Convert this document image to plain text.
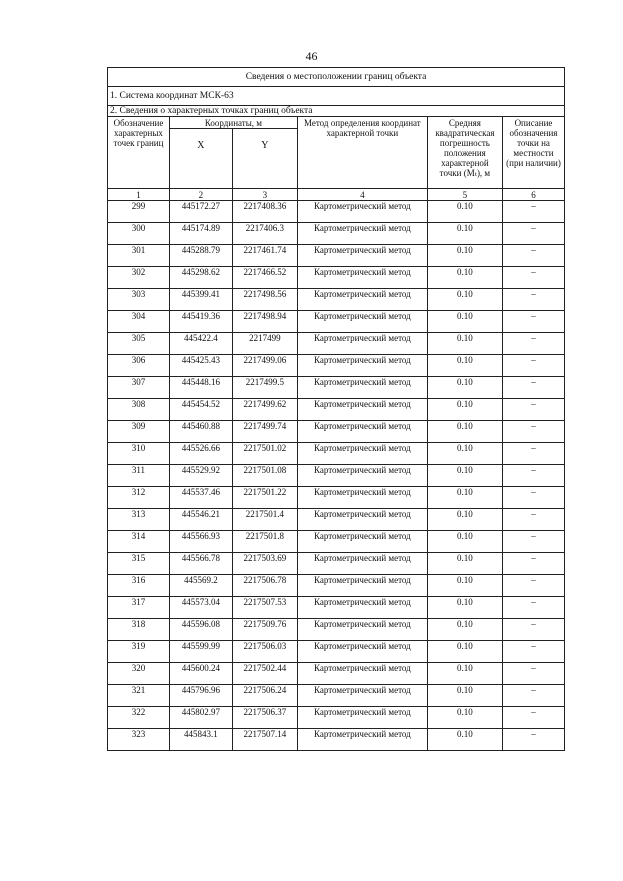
46
Сведения о местоположении границ объекта					
1. Система координат МСК-63					
2. Сведения о характерных точках границ объекта					
Обозначение характерных точек границ	Координаты, м		Метод определения координат характерной точки	Средняя квадратическая погрешность положения характерной точки (Mₜ), м	Описание обозначения точки на местности (при наличии)
	X	Y			
1	2	3	4	5	6
299	445172.27	2217408.36	Картометрический метод	0.10	–
300	445174.89	2217406.3	Картометрический метод	0.10	–
301	445288.79	2217461.74	Картометрический метод	0.10	–
302	445298.62	2217466.52	Картометрический метод	0.10	–
303	445399.41	2217498.56	Картометрический метод	0.10	–
304	445419.36	2217498.94	Картометрический метод	0.10	–
305	445422.4	2217499	Картометрический метод	0.10	–
306	445425.43	2217499.06	Картометрический метод	0.10	–
307	445448.16	2217499.5	Картометрический метод	0.10	–
308	445454.52	2217499.62	Картометрический метод	0.10	–
309	445460.88	2217499.74	Картометрический метод	0.10	–
310	445526.66	2217501.02	Картометрический метод	0.10	–
311	445529.92	2217501.08	Картометрический метод	0.10	–
312	445537.46	2217501.22	Картометрический метод	0.10	–
313	445546.21	2217501.4	Картометрический метод	0.10	–
314	445566.93	2217501.8	Картометрический метод	0.10	–
315	445566.78	2217503.69	Картометрический метод	0.10	–
316	445569.2	2217506.78	Картометрический метод	0.10	–
317	445573.04	2217507.53	Картометрический метод	0.10	–
318	445596.08	2217509.76	Картометрический метод	0.10	–
319	445599.99	2217506.03	Картометрический метод	0.10	–
320	445600.24	2217502.44	Картометрический метод	0.10	–
321	445796.96	2217506.24	Картометрический метод	0.10	–
322	445802.97	2217506.37	Картометрический метод	0.10	–
323	445843.1	2217507.14	Картометрический метод	0.10	–
